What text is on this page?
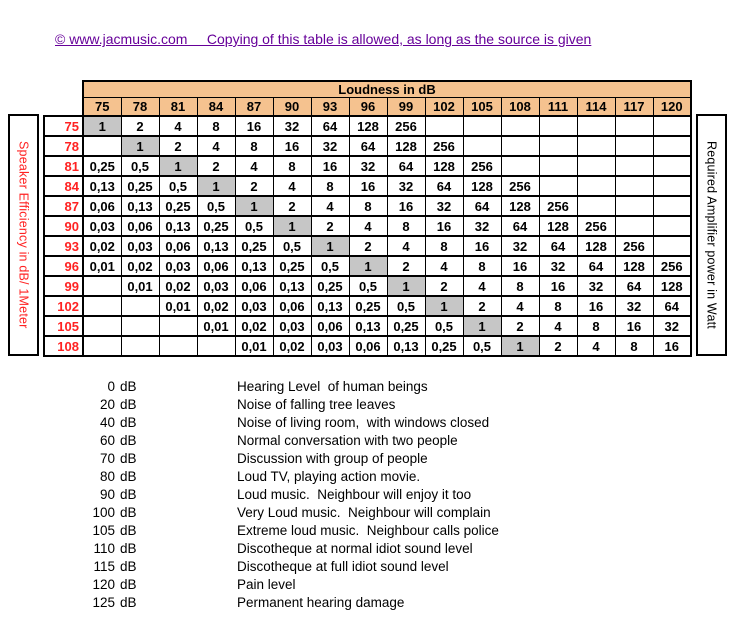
© www.jacmusic.com     Copying of this table is allowed, as long as the source is given
Speaker Efficiency in dB/ 1Meter
	Loudness in dB															
	75	78	81	84	87	90	93	96	99	102	105	108	111	114	117	120
75	1	2	4	8	16	32	64	128	256							
78		1	2	4	8	16	32	64	128	256						
81	0,25	0,5	1	2	4	8	16	32	64	128	256					
84	0,13	0,25	0,5	1	2	4	8	16	32	64	128	256				
87	0,06	0,13	0,25	0,5	1	2	4	8	16	32	64	128	256			
90	0,03	0,06	0,13	0,25	0,5	1	2	4	8	16	32	64	128	256		
93	0,02	0,03	0,06	0,13	0,25	0,5	1	2	4	8	16	32	64	128	256	
96	0,01	0,02	0,03	0,06	0,13	0,25	0,5	1	2	4	8	16	32	64	128	256
99		0,01	0,02	0,03	0,06	0,13	0,25	0,5	1	2	4	8	16	32	64	128
102			0,01	0,02	0,03	0,06	0,13	0,25	0,5	1	2	4	8	16	32	64
105				0,01	0,02	0,03	0,06	0,13	0,25	0,5	1	2	4	8	16	32
108					0,01	0,02	0,03	0,06	0,13	0,25	0,5	1	2	4	8	16
Required Amplifier power in Watt
0 dB	Hearing Level  of human beings
20 dB	Noise of falling tree leaves
40 dB	Noise of living room,  with windows closed
60 dB	Normal conversation with two people
70 dB	Discussion with group of people
80 dB	Loud TV, playing action movie.
90 dB	Loud music.  Neighbour will enjoy it too
100 dB	Very Loud music.  Neighbour will complain
105 dB	Extreme loud music.  Neighbour calls police
110 dB	Discotheque at normal idiot sound level
115 dB	Discotheque at full idiot sound level
120 dB	Pain level
125 dB	Permanent hearing damage
